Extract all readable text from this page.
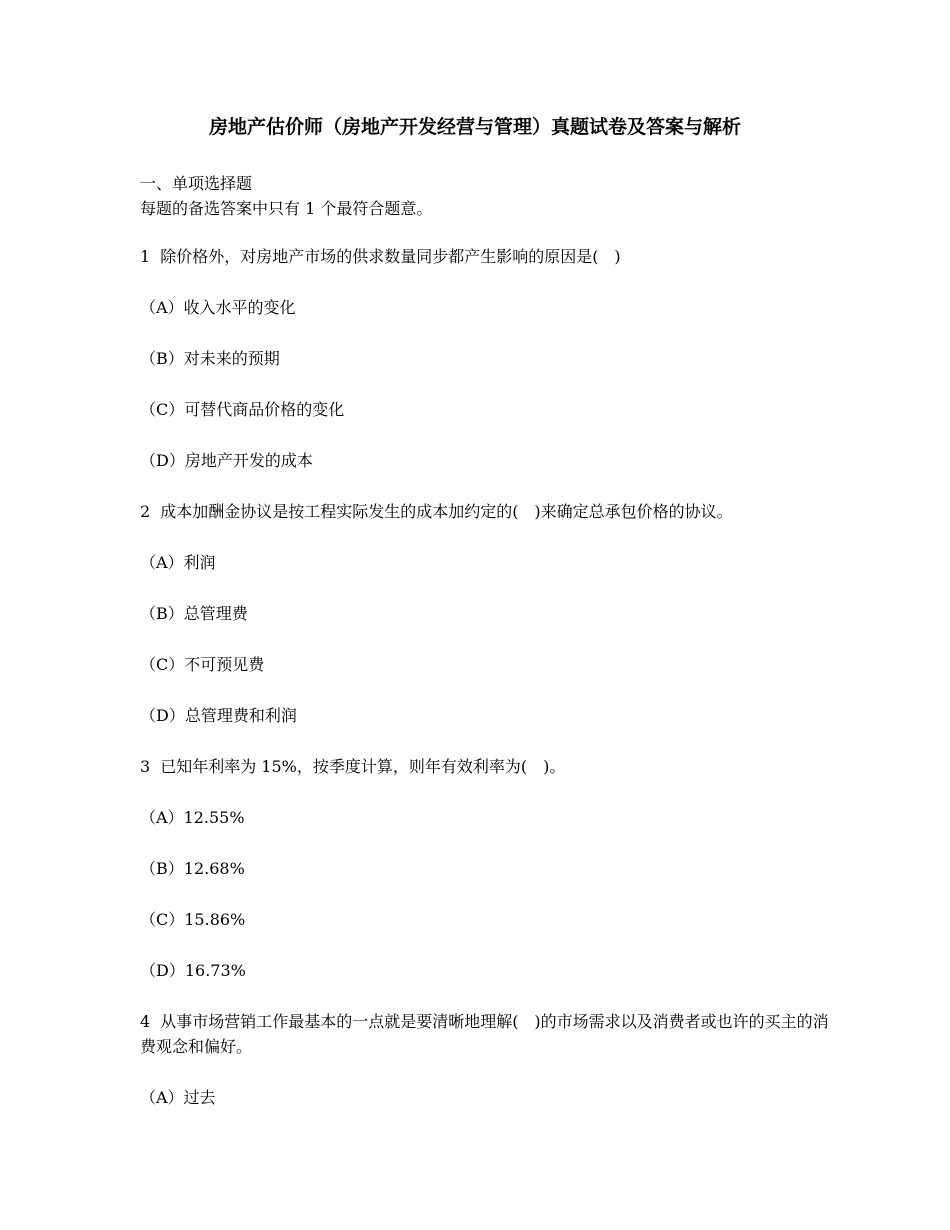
房地产估价师（房地产开发经营与管理）真题试卷及答案与解析
一、单项选择题
每题的备选答案中只有 1 个最符合题意。
1 除价格外，对房地产市场的供求数量同步都产生影响的原因是(　)
（A）收入水平的变化
（B）对未来的预期
（C）可替代商品价格的变化
（D）房地产开发的成本
2 成本加酬金协议是按工程实际发生的成本加约定的(　)来确定总承包价格的协议。
（A）利润
（B）总管理费
（C）不可预见费
（D）总管理费和利润
3 已知年利率为 15%，按季度计算，则年有效利率为(　)。
（A）12.55%
（B）12.68%
（C）15.86%
（D）16.73%
4 从事市场营销工作最基本的一点就是要清晰地理解(　)的市场需求以及消费者或也许的买主的消费观念和偏好。
（A）过去
